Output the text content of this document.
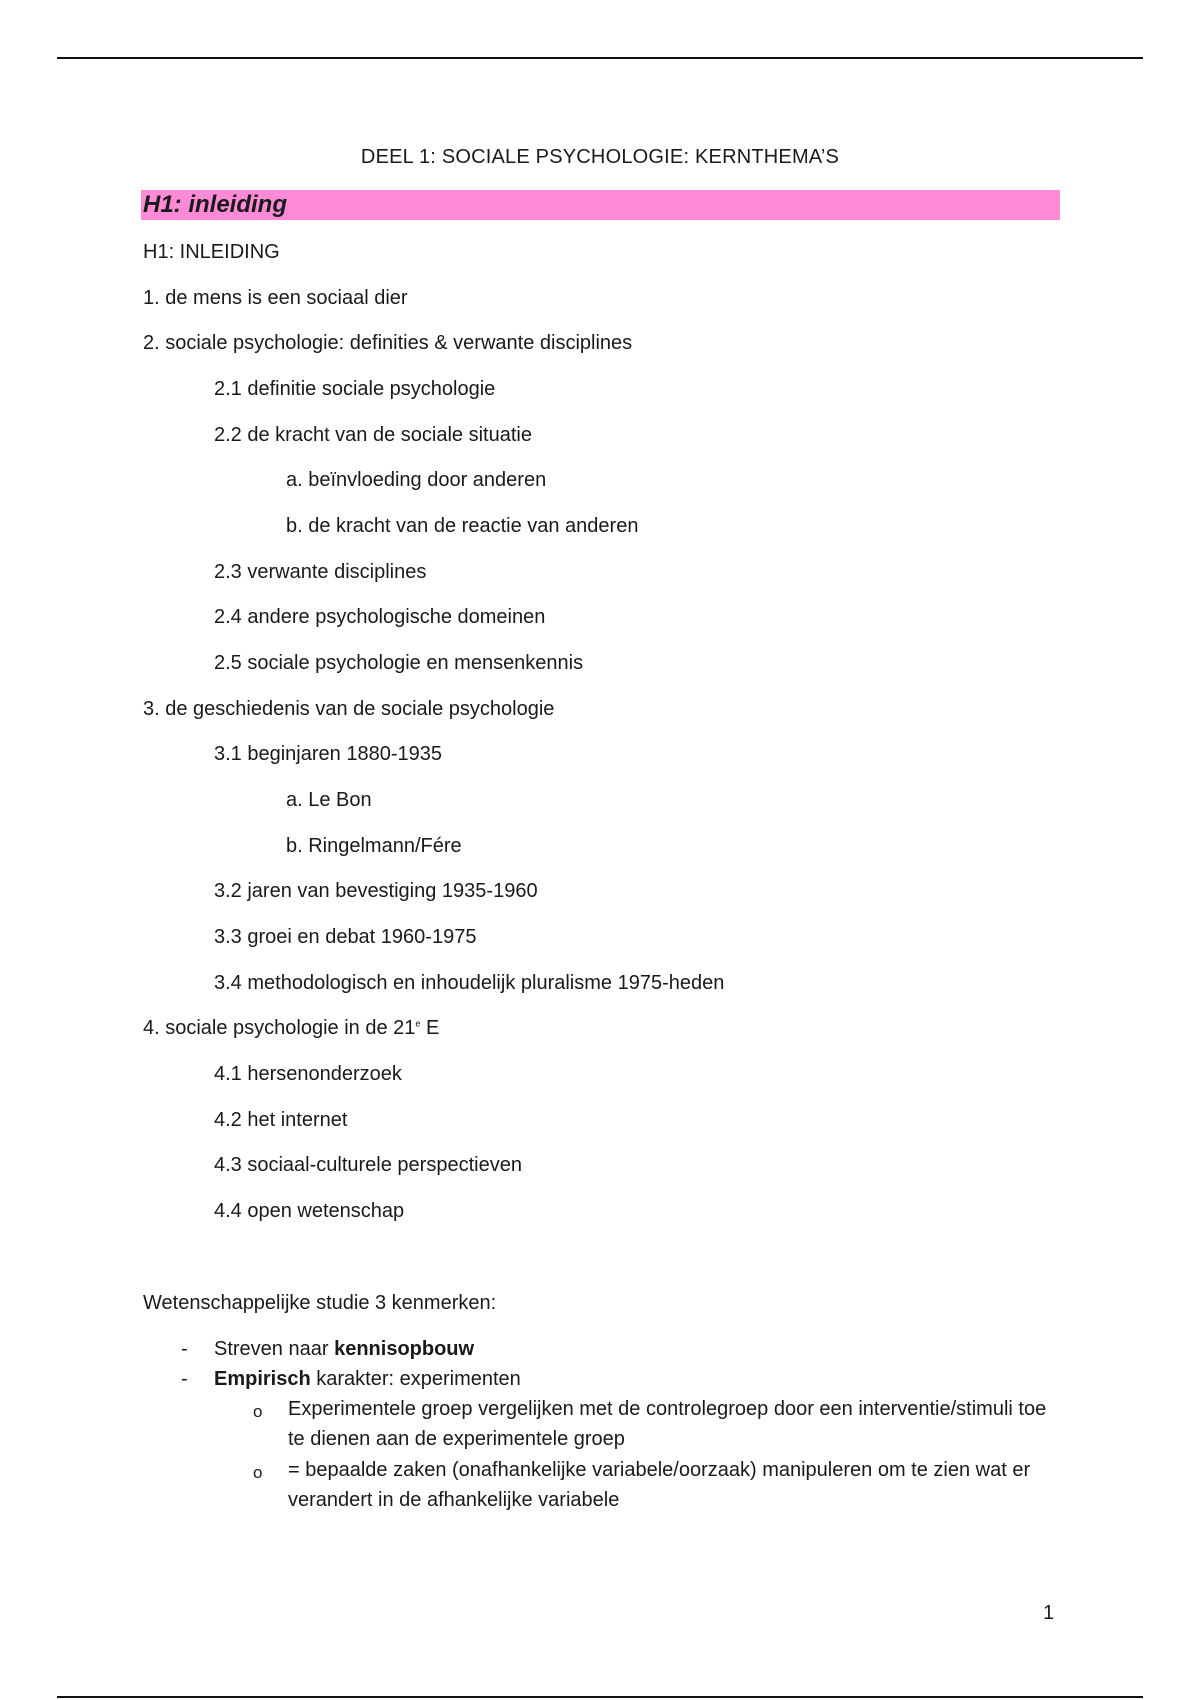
DEEL 1: SOCIALE PSYCHOLOGIE: KERNTHEMA’S
H1: inleiding
H1: INLEIDING
1. de mens is een sociaal dier
2. sociale psychologie: definities & verwante disciplines
2.1 definitie sociale psychologie
2.2 de kracht van de sociale situatie
a. beïnvloeding door anderen
b. de kracht van de reactie van anderen
2.3 verwante disciplines
2.4 andere psychologische domeinen
2.5 sociale psychologie en mensenkennis
3. de geschiedenis van de sociale psychologie
3.1 beginjaren 1880-1935
a. Le Bon
b. Ringelmann/Fére
3.2 jaren van bevestiging 1935-1960
3.3 groei en debat 1960-1975
3.4 methodologisch en inhoudelijk pluralisme 1975-heden
4. sociale psychologie in de 21e E
4.1 hersenonderzoek
4.2 het internet
4.3 sociaal-culturele perspectieven
4.4 open wetenschap
Wetenschappelijke studie 3 kenmerken:
- Streven naar kennisopbouw
- Empirisch karakter: experimenten
o Experimentele groep vergelijken met de controlegroep door een interventie/stimuli toe te dienen aan de experimentele groep
o = bepaalde zaken (onafhankelijke variabele/oorzaak) manipuleren om te zien wat er verandert in de afhankelijke variabele
1
